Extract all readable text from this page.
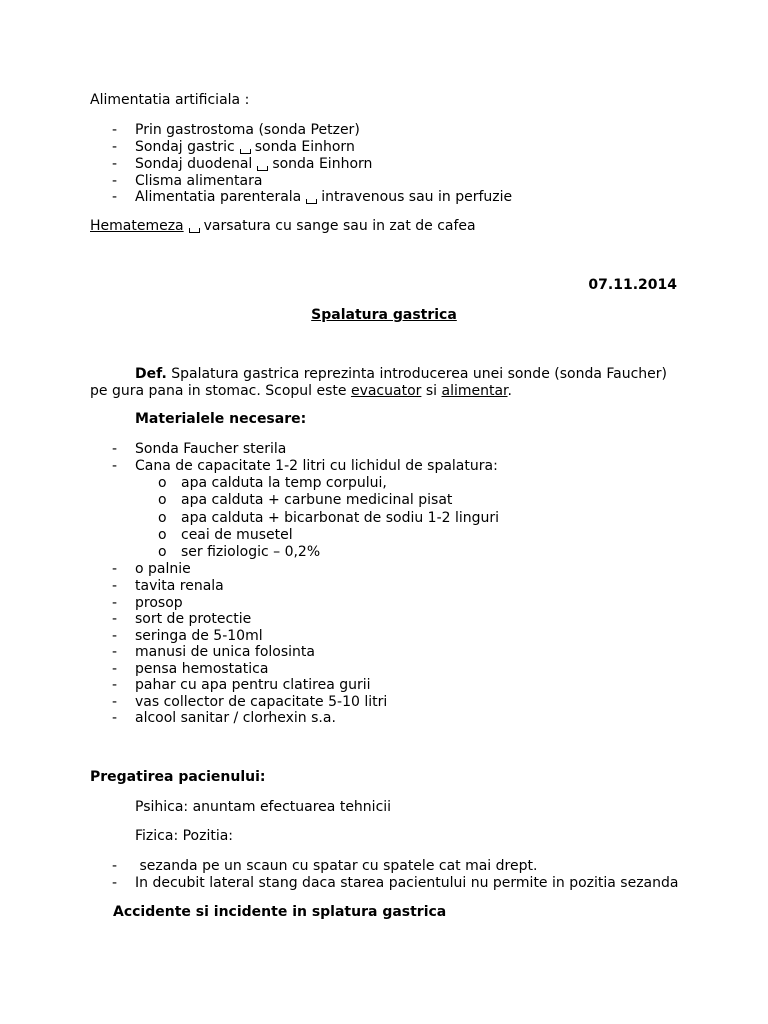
Alimentatia artificiala :
- Prin gastrostoma (sonda Petzer)
- Sondaj gastric sonda Einhorn
- Sondaj duodenal sonda Einhorn
- Clisma alimentara
- Alimentatia parenterala intravenous sau in perfuzie
Hematemeza varsatura cu sange sau in zat de cafea
07.11.2014
Spalatura gastrica
Def. Spalatura gastrica reprezinta introducerea unei sonde (sonda Faucher)
pe gura pana in stomac. Scopul este evacuator si alimentar.
Materialele necesare:
- Sonda Faucher sterila
- Cana de capacitate 1-2 litri cu lichidul de spalatura:
o apa calduta la temp corpului,
o apa calduta + carbune medicinal pisat
o apa calduta + bicarbonat de sodiu 1-2 linguri
o ceai de musetel
o ser fiziologic – 0,2%
- o palnie
- tavita renala
- prosop
- sort de protectie
- seringa de 5-10ml
- manusi de unica folosinta
- pensa hemostatica
- pahar cu apa pentru clatirea gurii
- vas collector de capacitate 5-10 litri
- alcool sanitar / clorhexin s.a.
Pregatirea pacienului:
Psihica: anuntam efectuarea tehnicii
Fizica: Pozitia:
- sezanda pe un scaun cu spatar cu spatele cat mai drept.
- In decubit lateral stang daca starea pacientului nu permite in pozitia sezanda
Accidente si incidente in splatura gastrica
